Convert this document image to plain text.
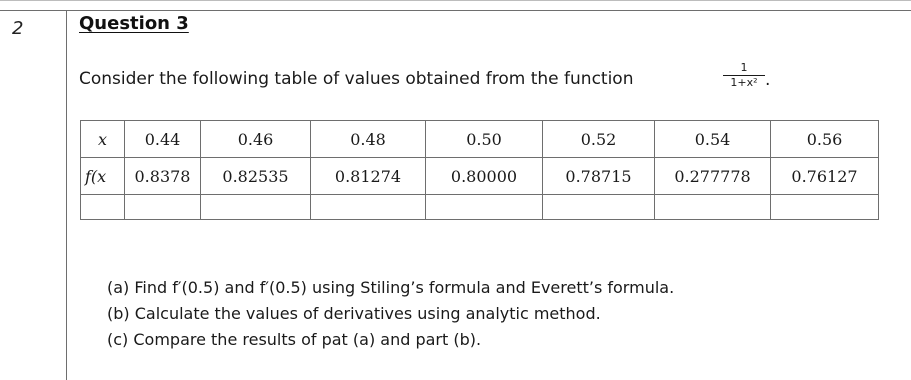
2	Question 3
Consider the following table of values obtained from the function	$\frac{1}{\text{1+x²}}$ .
x	0.44	0.46	0.48	0.50	0.52	0.54	0.56
f(x	0.8378	0.82535	0.81274	0.80000	0.78715	0.277778	0.76127

(a) Find f′(0.5) and f′(0.5) using Stiling’s formula and Everett’s formula.
(b) Calculate the values of derivatives using analytic method.
(c) Compare the results of pat (a) and part (b).
